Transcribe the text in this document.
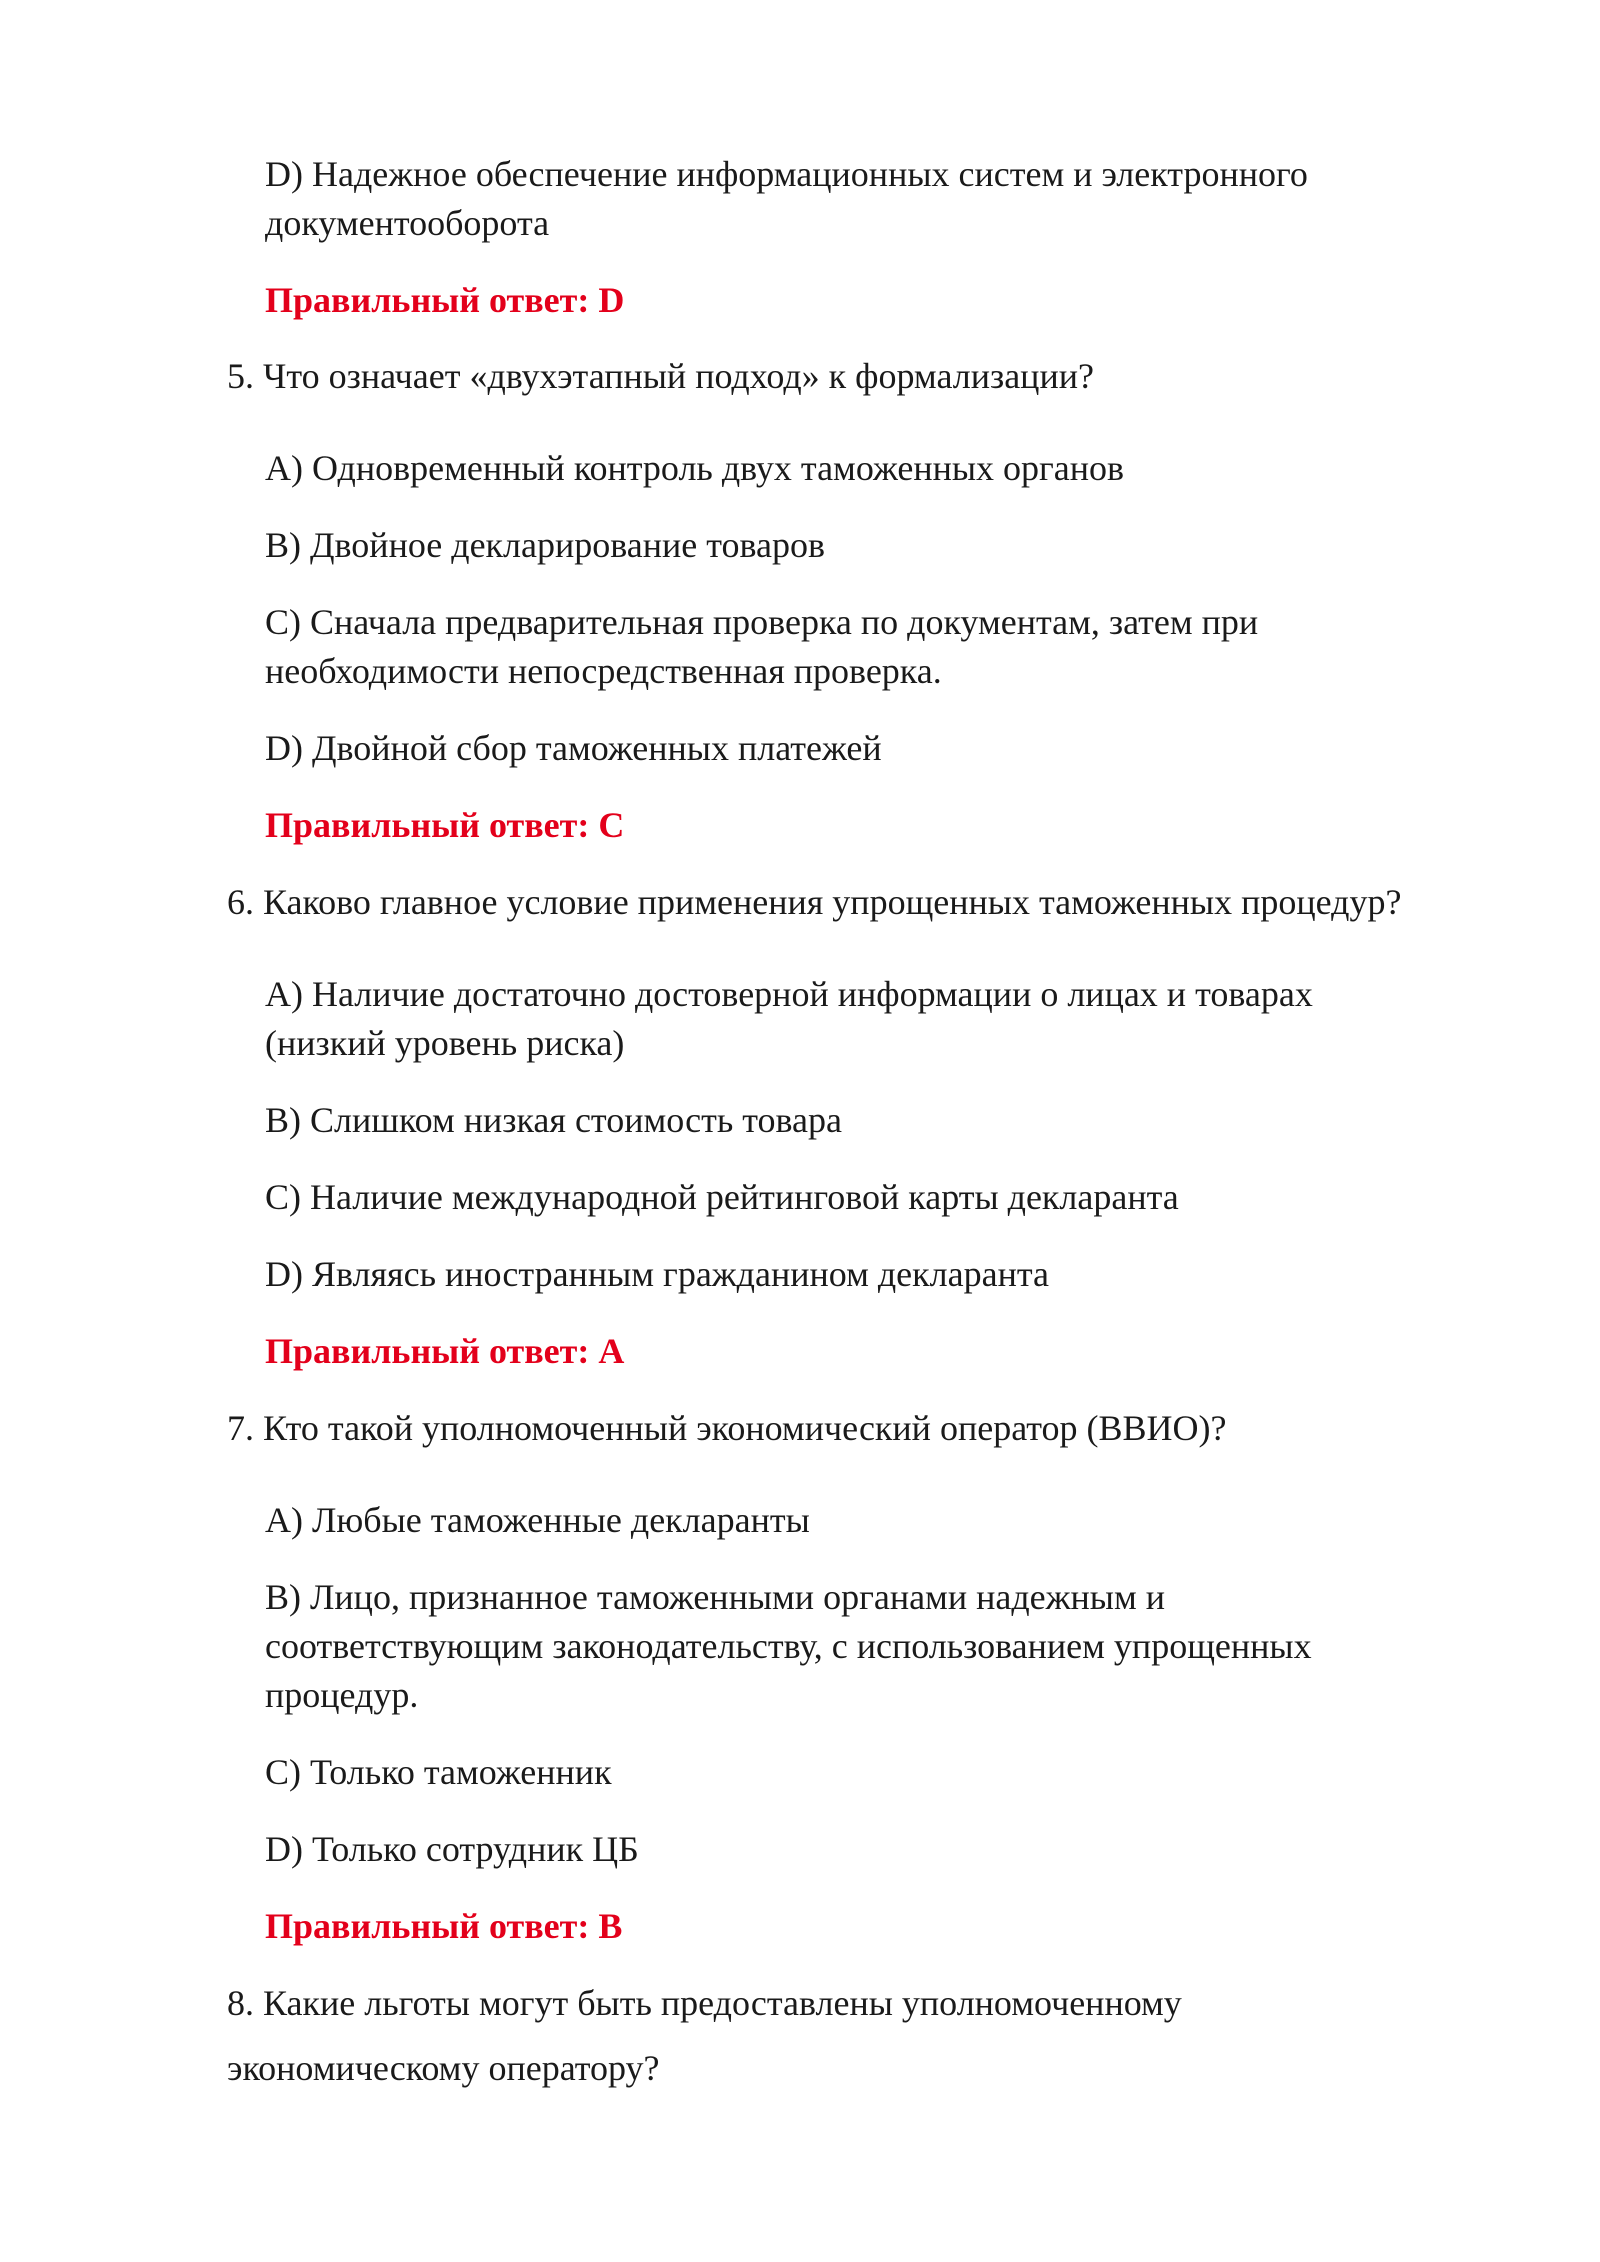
D) Надежное обеспечение информационных систем и электронного
документооборота
Правильный ответ: D
5. Что означает «двухэтапный подход» к формализации?
A) Одновременный контроль двух таможенных органов
B) Двойное декларирование товаров
C) Сначала предварительная проверка по документам, затем при
необходимости непосредственная проверка.
D) Двойной сбор таможенных платежей
Правильный ответ: C
6. Каково главное условие применения упрощенных таможенных процедур?
A) Наличие достаточно достоверной информации о лицах и товарах
(низкий уровень риска)
B) Слишком низкая стоимость товара
C) Наличие международной рейтинговой карты декларанта
D) Являясь иностранным гражданином декларанта
Правильный ответ: A
7. Кто такой уполномоченный экономический оператор (ВВИО)?
A) Любые таможенные декларанты
B) Лицо, признанное таможенными органами надежным и
соответствующим законодательству, с использованием упрощенных
процедур.
C) Только таможенник
D) Только сотрудник ЦБ
Правильный ответ: B
8. Какие льготы могут быть предоставлены уполномоченному
экономическому оператору?
